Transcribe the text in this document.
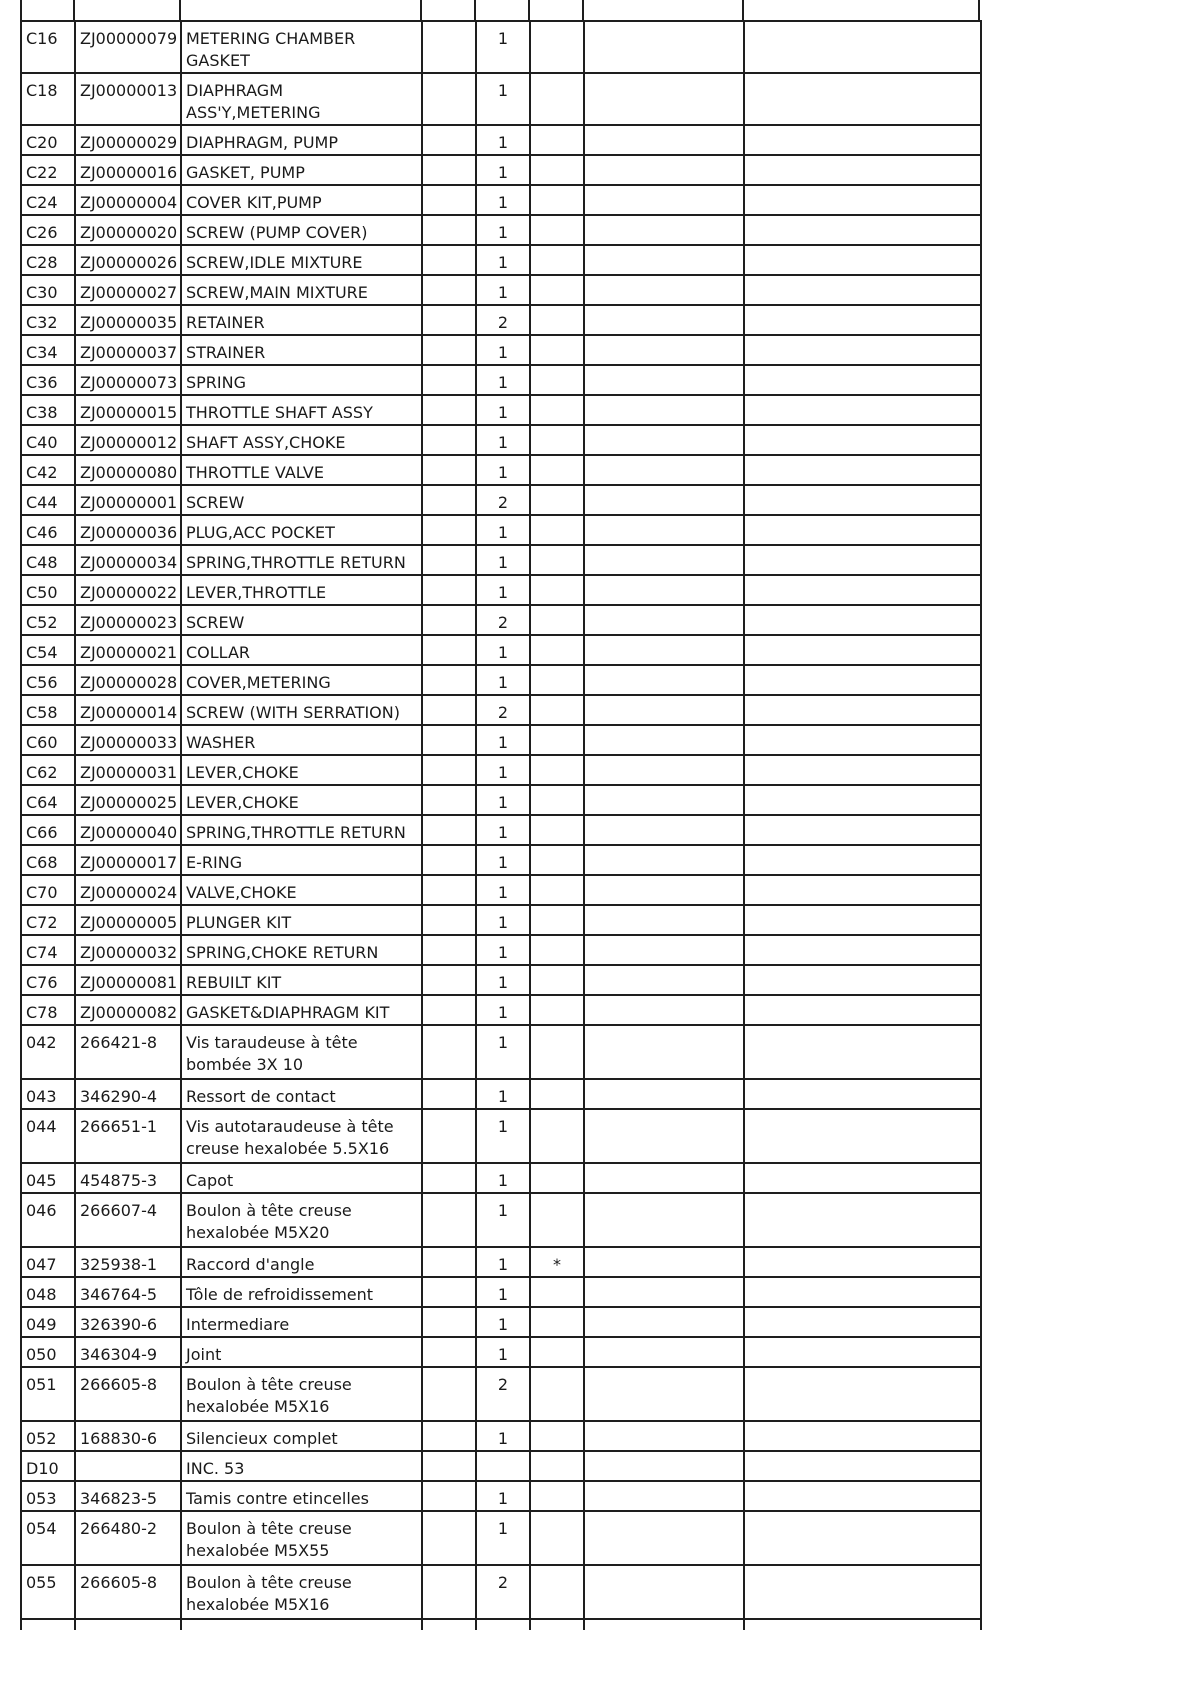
C16	ZJ00000079	METERING CHAMBER GASKET		1			
C18	ZJ00000013	DIAPHRAGM ASS'Y,METERING		1			
C20	ZJ00000029	DIAPHRAGM, PUMP		1			
C22	ZJ00000016	GASKET, PUMP		1			
C24	ZJ00000004	COVER KIT,PUMP		1			
C26	ZJ00000020	SCREW (PUMP COVER)		1			
C28	ZJ00000026	SCREW,IDLE MIXTURE		1			
C30	ZJ00000027	SCREW,MAIN MIXTURE		1			
C32	ZJ00000035	RETAINER		2			
C34	ZJ00000037	STRAINER		1			
C36	ZJ00000073	SPRING		1			
C38	ZJ00000015	THROTTLE SHAFT ASSY		1			
C40	ZJ00000012	SHAFT ASSY,CHOKE		1			
C42	ZJ00000080	THROTTLE VALVE		1			
C44	ZJ00000001	SCREW		2			
C46	ZJ00000036	PLUG,ACC POCKET		1			
C48	ZJ00000034	SPRING,THROTTLE RETURN		1			
C50	ZJ00000022	LEVER,THROTTLE		1			
C52	ZJ00000023	SCREW		2			
C54	ZJ00000021	COLLAR		1			
C56	ZJ00000028	COVER,METERING		1			
C58	ZJ00000014	SCREW (WITH SERRATION)		2			
C60	ZJ00000033	WASHER		1			
C62	ZJ00000031	LEVER,CHOKE		1			
C64	ZJ00000025	LEVER,CHOKE		1			
C66	ZJ00000040	SPRING,THROTTLE RETURN		1			
C68	ZJ00000017	E-RING		1			
C70	ZJ00000024	VALVE,CHOKE		1			
C72	ZJ00000005	PLUNGER KIT		1			
C74	ZJ00000032	SPRING,CHOKE RETURN		1			
C76	ZJ00000081	REBUILT KIT		1			
C78	ZJ00000082	GASKET&DIAPHRAGM KIT		1			
042	266421-8	Vis taraudeuse à tête bombée 3X 10		1			
043	346290-4	Ressort de contact		1			
044	266651-1	Vis autotaraudeuse à tête creuse hexalobée 5.5X16		1			
045	454875-3	Capot		1			
046	266607-4	Boulon à tête creuse hexalobée M5X20		1			
047	325938-1	Raccord d'angle		1	*		
048	346764-5	Tôle de refroidissement		1			
049	326390-6	Intermediare		1			
050	346304-9	Joint		1			
051	266605-8	Boulon à tête creuse hexalobée M5X16		2			
052	168830-6	Silencieux complet		1			
D10		INC. 53					
053	346823-5	Tamis contre etincelles		1			
054	266480-2	Boulon à tête creuse hexalobée M5X55		1			
055	266605-8	Boulon à tête creuse hexalobée M5X16		2			
